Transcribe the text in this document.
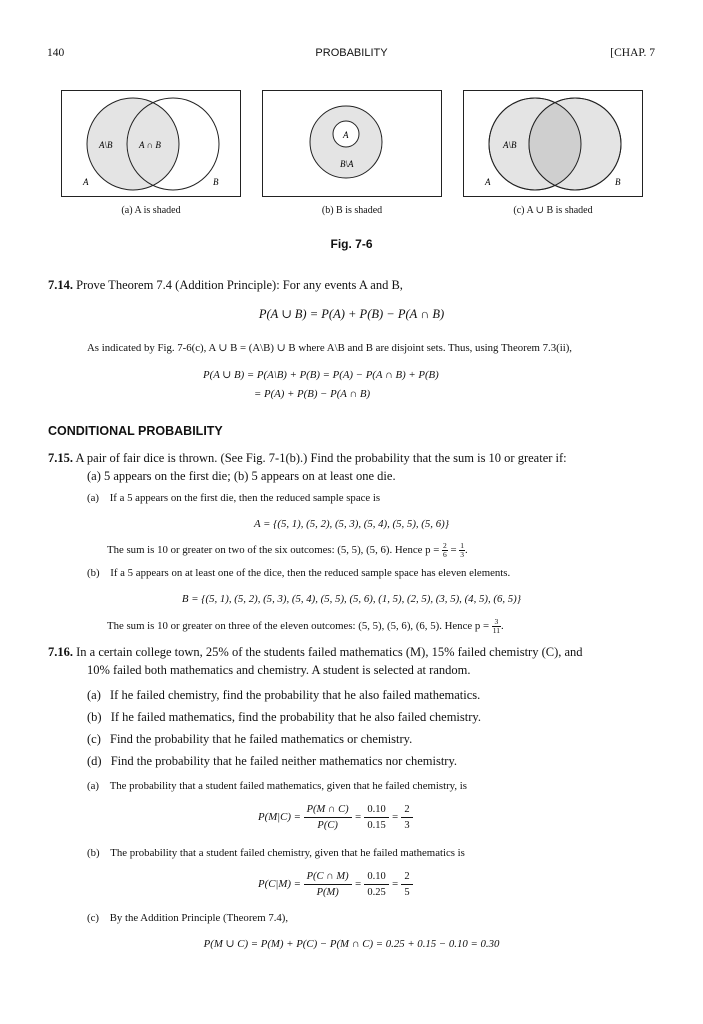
140	PROBABILITY	[CHAP. 7
A\B	A ∩ B
A	B
A
B\A
A\B
A	B
(a) A is shaded	(b) B is shaded	(c) A ∪ B is shaded
Fig. 7-6
7.14. Prove Theorem 7.4 (Addition Principle): For any events A and B,
P(A ∪ B) = P(A) + P(B) − P(A ∩ B)
As indicated by Fig. 7-6(c), A ∪ B = (A\B) ∪ B where A\B and B are disjoint sets. Thus, using Theorem 7.3(ii),
P(A ∪ B) = P(A\B) + P(B) = P(A) − P(A ∩ B) + P(B)
= P(A) + P(B) − P(A ∩ B)
CONDITIONAL PROBABILITY
7.15. A pair of fair dice is thrown. (See Fig. 7-1(b).) Find the probability that the sum is 10 or greater if:
(a) 5 appears on the first die; (b) 5 appears on at least one die.
(a) If a 5 appears on the first die, then the reduced sample space is
A = {(5, 1), (5, 2), (5, 3), (5, 4), (5, 5), (5, 6)}
The sum is 10 or greater on two of the six outcomes: (5, 5), (5, 6). Hence $p = \frac{2}{6} = \frac{1}{3}$ .
(b) If a 5 appears on at least one of the dice, then the reduced sample space has eleven elements.
B = {(5, 1), (5, 2), (5, 3), (5, 4), (5, 5), (5, 6), (1, 5), (2, 5), (3, 5), (4, 5), (6, 5)}
The sum is 10 or greater on three of the eleven outcomes: (5, 5), (5, 6), (6, 5). Hence $p = \frac{3}{11}$ .
7.16. In a certain college town, 25% of the students failed mathematics (M), 15% failed chemistry (C), and
10% failed both mathematics and chemistry. A student is selected at random.
(a) If he failed chemistry, find the probability that he also failed mathematics.
(b) If he failed mathematics, find the probability that he also failed chemistry.
(c) Find the probability that he failed mathematics or chemistry.
(d) Find the probability that he failed neither mathematics nor chemistry.
(a) The probability that a student failed mathematics, given that he failed chemistry, is
$P(M|C) = \frac{P(M \cap C)}{P(C)} = \frac{0.10}{0.15} = \frac{2}{3}$
(b) The probability that a student failed chemistry, given that he failed mathematics is
$P(C|M) = \frac{P(C \cap M)}{P(M)} = \frac{0.10}{0.25} = \frac{2}{5}$
(c) By the Addition Principle (Theorem 7.4),
P(M ∪ C) = P(M) + P(C) − P(M ∩ C) = 0.25 + 0.15 − 0.10 = 0.30
